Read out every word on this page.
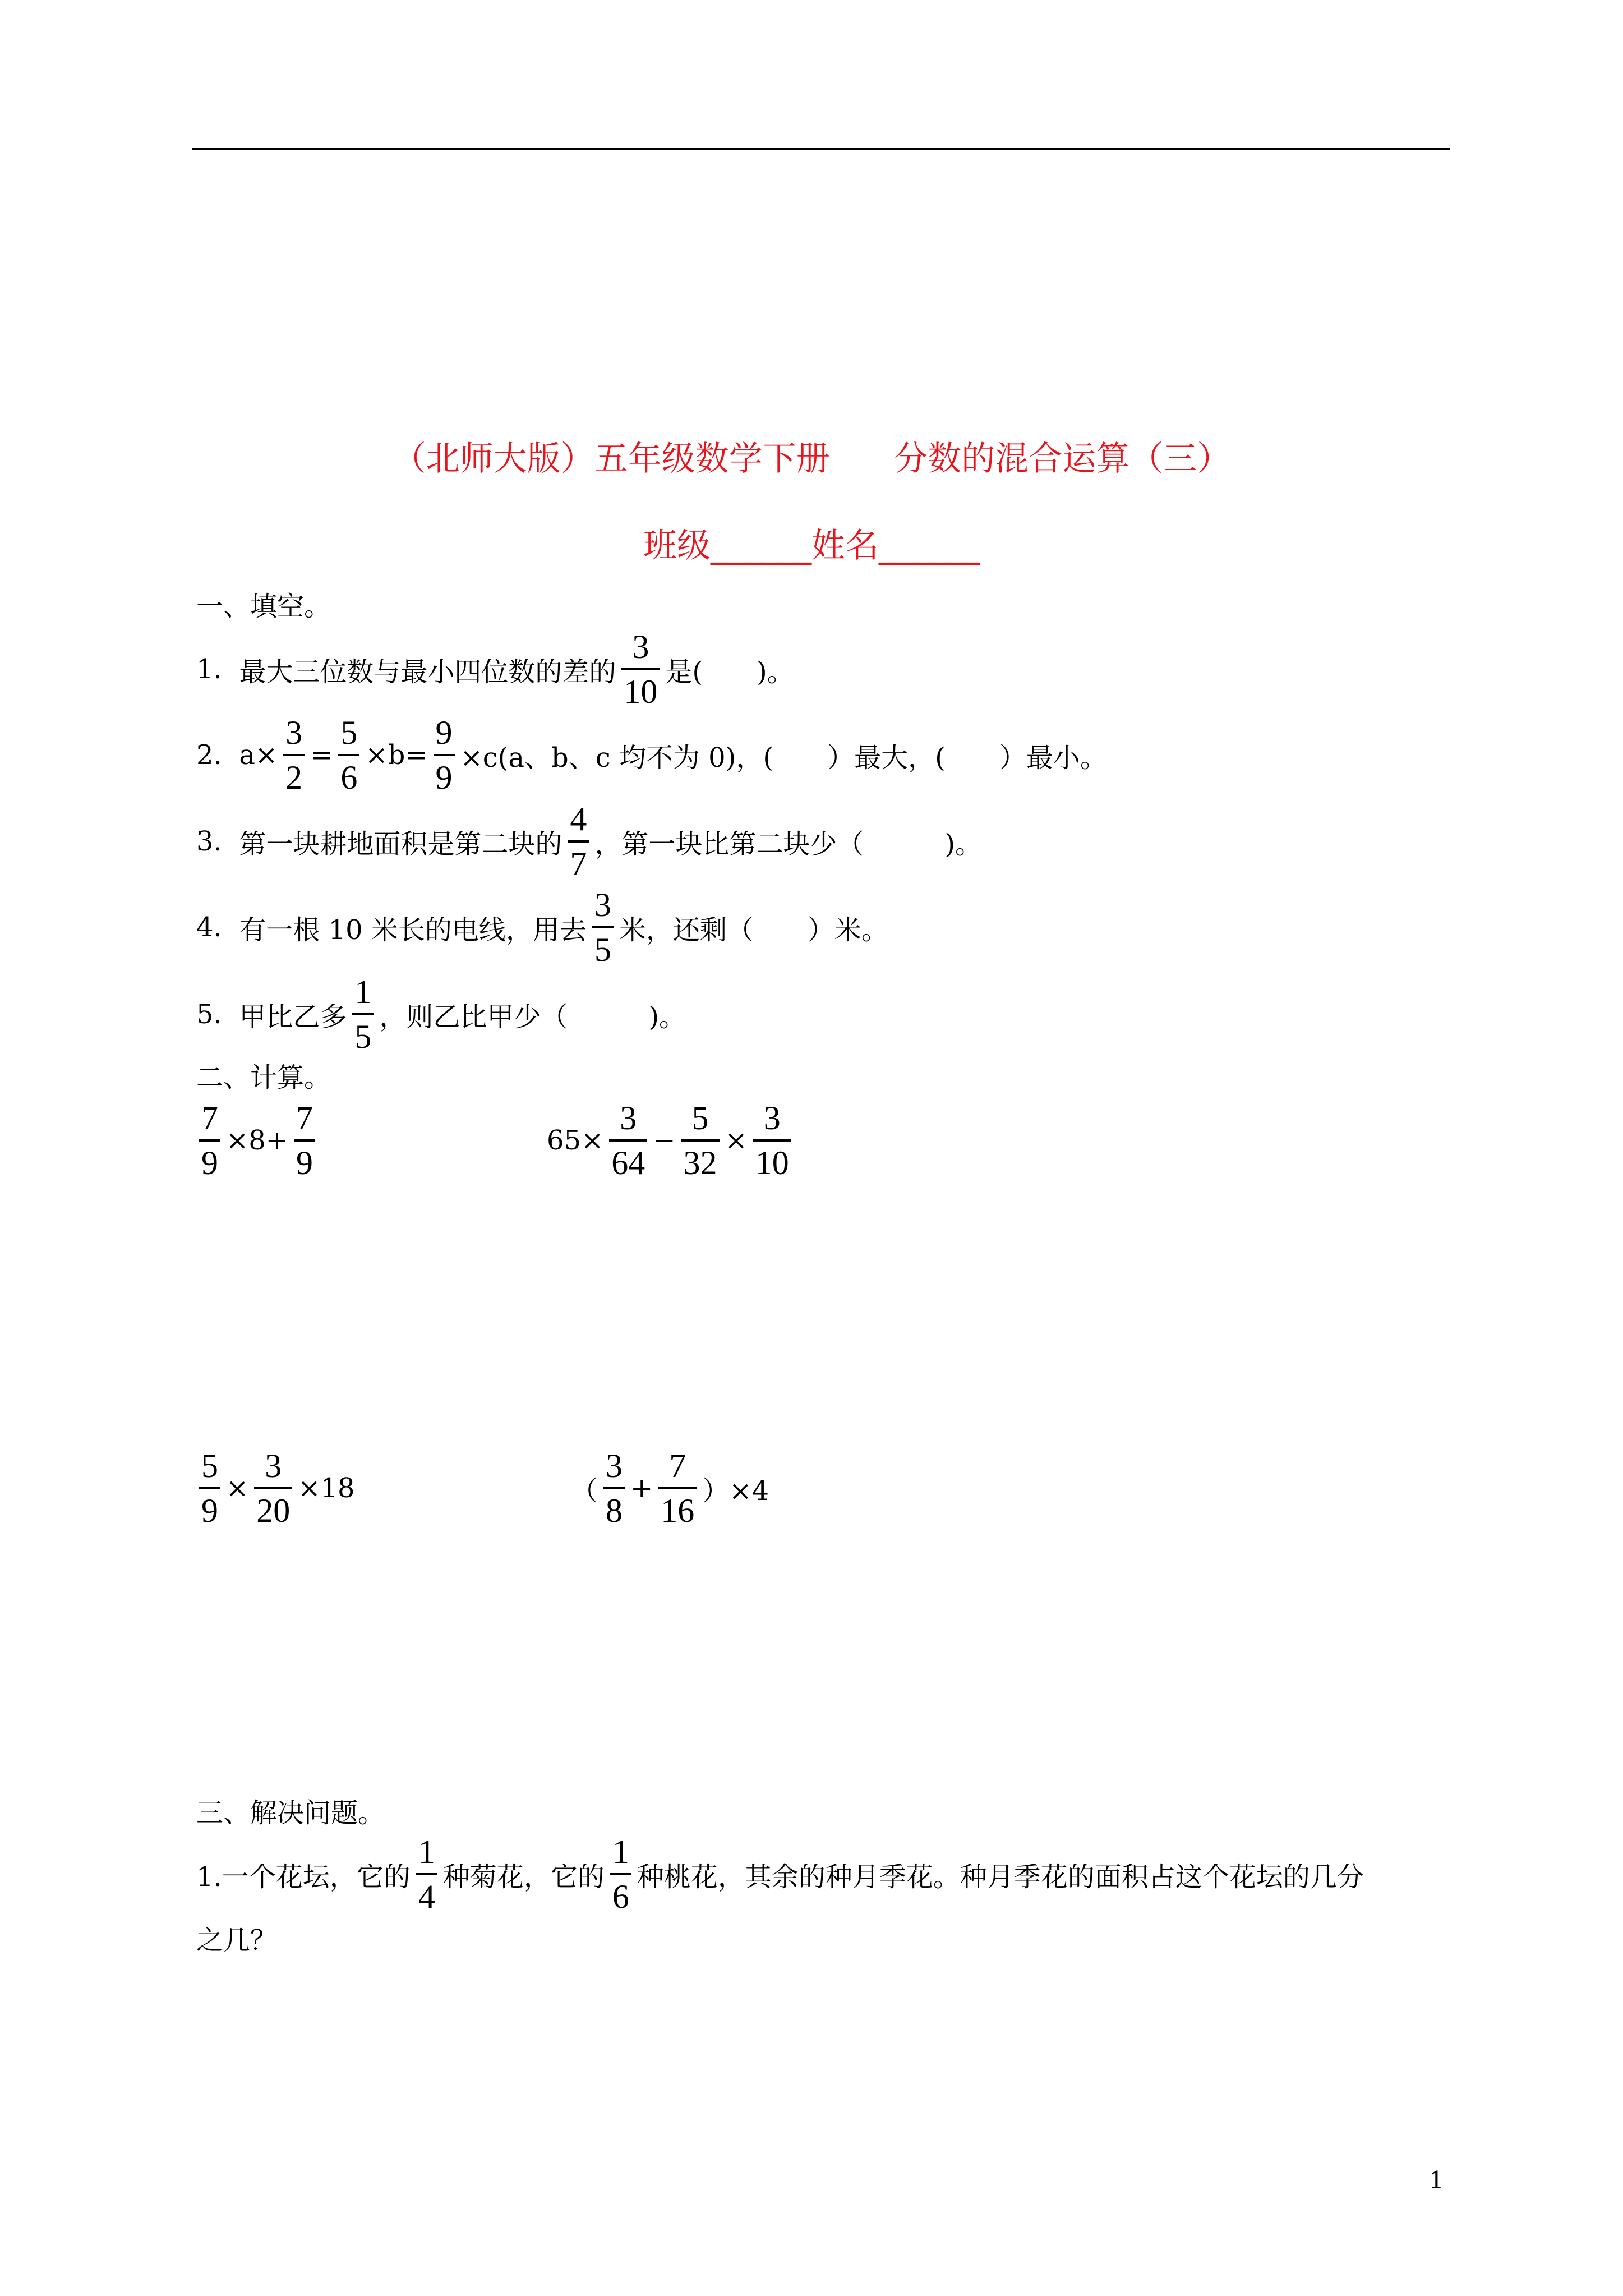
（北师大版）五年级数学下册 分数的混合运算（三）
班级______姓名______
一、填空。
1.
最大三位数与最小四位数的差的 $\frac{3}{10}$ 是(　　)。
2.
$a\times \frac{3}{2} = \frac{5}{6} \times b= \frac{9}{9} \times c(a$、b、c 均不为 0)，(　　）最大，(　　）最小。
3.
第一块耕地面积是第二块的 $\frac{4}{7}$ ，第一块比第二块少（　　　)。
4.
有一根 10 米长的电线，用去 $\frac{3}{5}$ 米，还剩（　　）米。
5.
甲比乙多 $\frac{1}{5}$ ，则乙比甲少（　　　)。
二、计算。
$\frac{7}{9} \times 8+ \frac{7}{9}$	$65\times \frac{3}{64} - \frac{5}{32} \times \frac{3}{10}$
$\frac{5}{9} \times \frac{3}{20} \times 18$	（ $\frac{3}{8} + \frac{7}{16} )\times 4$
三、解决问题。
1.一个花坛，它的 $\frac{1}{4}$ 种菊花，它的 $\frac{1}{6}$ 种桃花，其余的种月季花。种月季花的面积占这个花坛的几分
之几？
1
